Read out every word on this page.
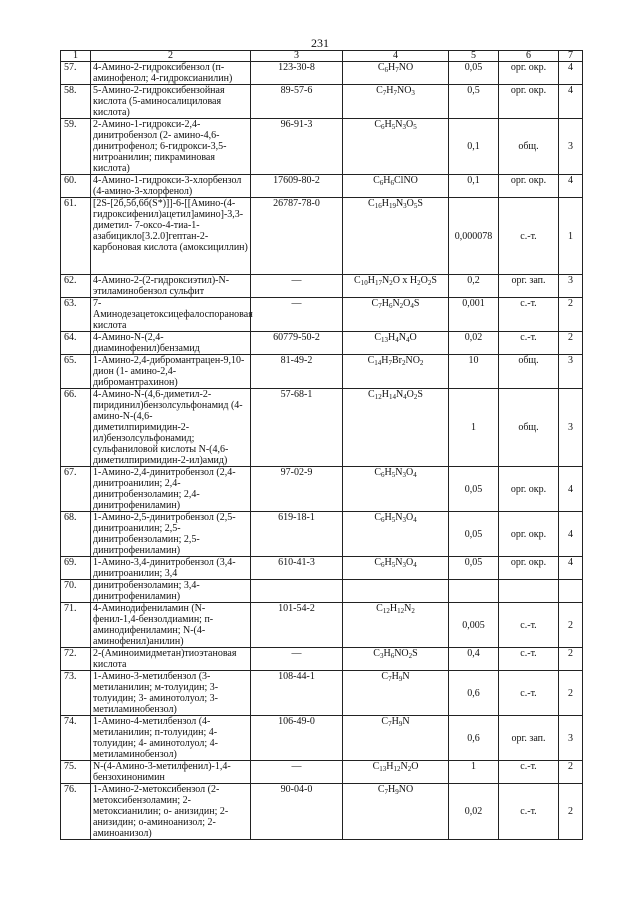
231
1	2	3	4	5	6	7
57.	4-Амино-2-гидроксибензол (п-аминофенол; 4-гидроксианилин)	123-30-8	$C_6H_7NO$	0,05	орг. окр.	4
58.	5-Амино-2-гидроксибензойная кислота (5-аминосалициловая кислота)	89-57-6	$C_7H_7NO_3$	0,5	орг. окр.	4
59.	2-Амино-1-гидрокси-2,4-динитробензол (2- амино-4,6-динитрофенол; 6-гидрокси-3,5- нитроанилин; пикраминовая кислота)	96-91-3	$C_6H_5N_3O_5$	0,1	общ.	3
60.	4-Амино-1-гидрокси-3-хлорбензол (4-амино-3-хлорфенол)	17609-80-2	$C_6H_6ClNO$	0,1	орг. окр.	4
61.	[2S-[2б,5б,6б(S*)]]-6-[[Амино-(4-гидроксифенил)ацетил]амино]-3,3-диметил- 7-оксо-4-тиа-1-азабицикло[3.2.0]гептан-2- карбоновая кислота (амоксициллин)	26787-78-0	$C_{16}H_{19}N_3O_5S$	0,000078	с.-т.	1
62.	4-Амино-2-(2-гидроксиэтил)-N-этиламинобензол сульфит	—	$C_{10}H_{17}N_2O$ x $H_2O_2S$	0,2	орг. зап.	3
63.	7-Аминодезацетоксицефалоспорановая кислота	—	$C_7H_6N_2O_4S$	0,001	с.-т.	2
64.	4-Амино-N-(2,4-диаминофенил)бензамид	60779-50-2	$C_{13}H_4N_4O$	0,02	с.-т.	2
65.	1-Амино-2,4-дибромантрацен-9,10-дион (1- амино-2,4-дибромантрахинон)	81-49-2	$C_{14}H_7Br_2NO_2$	10	общ.	3
66.	4-Амино-N-(4,6-диметил-2-пиридинил)бензолсульфонамид (4-амино-N-(4,6-диметилпиримидин-2-ил)бензолсульфонамид; сульфаниловой кислоты N-(4,6-диметилпиримидин-2-ил)амид)	57-68-1	$C_{12}H_{14}N_4O_2S$	1	общ.	3
67.	1-Амино-2,4-динитробензол (2,4-динитроанилин; 2,4-динитробензоламин; 2,4-динитрофениламин)	97-02-9	$C_6H_5N_3O_4$	0,05	орг. окр.	4
68.	1-Амино-2,5-динитробензол (2,5-динитроанилин; 2,5-динитробензоламин; 2,5-динитрофениламин)	619-18-1	$C_6H_5N_3O_4$	0,05	орг. окр.	4
69.	1-Амино-3,4-динитробензол (3,4-динитроанилин; 3,4	610-41-3	$C_6H_5N_3O_4$	0,05	орг. окр.	4
70.	динитробензоламин; 3,4-динитрофениламин)					
71.	4-Аминодифениламин (N-фенил-1,4-бензолдиамин; п-аминодифениламин; N-(4-аминофенил)анилин)	101-54-2	$C_{12}H_{12}N_2$	0,005	с.-т.	2
72.	2-(Аминоимидметан)тиоэтановая кислота	—	$C_3H_6NO_2S$	0,4	с.-т.	2
73.	1-Амино-3-метилбензол (3-метиланилин; м-толуидин; 3-толуидин; 3- аминотолуол; 3-метиламинобензол)	108-44-1	$C_7H_9N$	0,6	с.-т.	2
74.	1-Амино-4-метилбензол (4-метиланилин; п-толуидин; 4-толуидин; 4- аминотолуол; 4-метиламинобензол)	106-49-0	$C_7H_9N$	0,6	орг. зап.	3
75.	N-(4-Амино-3-метилфенил)-1,4-бензохинонимин	—	$C_{13}H_{12}N_2O$	1	с.-т.	2
76.	1-Амино-2-метоксибензол (2-метоксибензоламин; 2-метоксианилин; о- анизидин; 2-анизидин; о-аминоанизол; 2-аминоанизол)	90-04-0	$C_7H_9NO$	0,02	с.-т.	2
